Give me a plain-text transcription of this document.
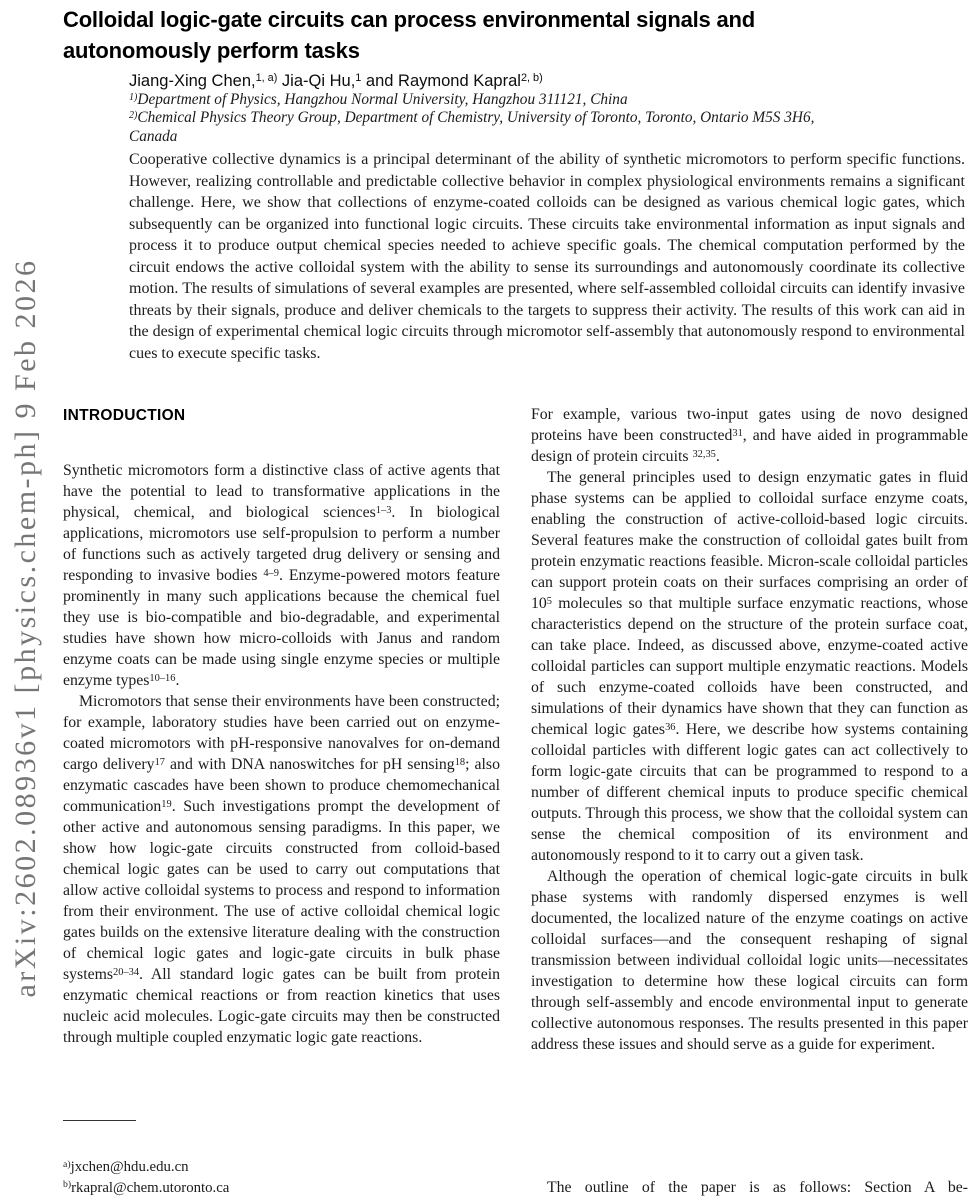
arXiv:2602.08936v1 [physics.chem-ph] 9 Feb 2026
Colloidal logic-gate circuits can process environmental signals and
autonomously perform tasks
Jiang-Xing Chen,$^{1, a)}$ Jia-Qi Hu,$^1$ and Raymond Kapral$^{2, b)}$
$^{1)}$Department of Physics, Hangzhou Normal University, Hangzhou 311121, China
$^{2)}$Chemical Physics Theory Group, Department of Chemistry, University of Toronto, Toronto, Ontario M5S 3H6,
Canada
Cooperative collective dynamics is a principal determinant of the ability of synthetic micromotors to perform specific functions. However, realizing controllable and predictable collective behavior in complex physiological environments remains a significant challenge. Here, we show that collections of enzyme-coated colloids can be designed as various chemical logic gates, which subsequently can be organized into functional logic circuits. These circuits take environmental information as input signals and process it to produce output chemical species needed to achieve specific goals. The chemical computation performed by the circuit endows the active colloidal system with the ability to sense its surroundings and autonomously coordinate its collective motion. The results of simulations of several examples are presented, where self-assembled colloidal circuits can identify invasive threats by their signals, produce and deliver chemicals to the targets to suppress their activity. The results of this work can aid in the design of experimental chemical logic circuits through micromotor self-assembly that autonomously respond to environmental cues to execute specific tasks.
INTRODUCTION

Synthetic micromotors form a distinctive class of active agents that have the potential to lead to transformative applications in the physical, chemical, and biological sciences$^{1-3}$. In biological applications, micromotors use self-propulsion to perform a number of functions such as actively targeted drug delivery or sensing and responding to invasive bodies $^{4-9}$. Enzyme-powered motors feature prominently in many such applications because the chemical fuel they use is bio-compatible and bio-degradable, and experimental studies have shown how micro-colloids with Janus and random enzyme coats can be made using single enzyme species or multiple enzyme types$^{10-16}$.

Micromotors that sense their environments have been constructed; for example, laboratory studies have been carried out on enzyme-coated micromotors with pH-responsive nanovalves for on-demand cargo delivery$^{17}$ and with DNA nanoswitches for pH sensing$^{18}$; also enzymatic cascades have been shown to produce chemomechanical communication$^{19}$. Such investigations prompt the development of other active and autonomous sensing paradigms. In this paper, we show how logic-gate circuits constructed from colloid-based chemical logic gates can be used to carry out computations that allow active colloidal systems to process and respond to information from their environment. The use of active colloidal chemical logic gates builds on the extensive literature dealing with the construction of chemical logic gates and logic-gate circuits in bulk phase systems$^{20-34}$. All standard logic gates can be built from protein enzymatic chemical reactions or from reaction kinetics that uses nucleic acid molecules. Logic-gate circuits may then be constructed through multiple coupled enzymatic logic gate reactions.

For example, various two-input gates using de novo designed proteins have been constructed$^{31}$, and have aided in programmable design of protein circuits $^{32,35}$.

The general principles used to design enzymatic gates in fluid phase systems can be applied to colloidal surface enzyme coats, enabling the construction of active-colloid-based logic circuits. Several features make the construction of colloidal gates built from protein enzymatic reactions feasible. Micron-scale colloidal particles can support protein coats on their surfaces comprising an order of $10^5$ molecules so that multiple surface enzymatic reactions, whose characteristics depend on the structure of the protein surface coat, can take place. Indeed, as discussed above, enzyme-coated active colloidal particles can support multiple enzymatic reactions. Models of such enzyme-coated colloids have been constructed, and simulations of their dynamics have shown that they can function as chemical logic gates$^{36}$. Here, we describe how systems containing colloidal particles with different logic gates can act collectively to form logic-gate circuits that can be programmed to respond to a number of different chemical inputs to produce specific chemical outputs. Through this process, we show that the colloidal system can sense the chemical composition of its environment and autonomously respond to it to carry out a given task.

Although the operation of chemical logic-gate circuits in bulk phase systems with randomly dispersed enzymes is well documented, the localized nature of the enzyme coatings on active colloidal surfaces—and the consequent reshaping of signal transmission between individual colloidal logic units—necessitates investigation to determine how these logical circuits can form through self-assembly and encode environmental input to generate collective autonomous responses. The results presented in this paper address these issues and should serve as a guide for experiment.

The outline of the paper is as follows: Section A be-
$^{a)}$jxchen@hdu.edu.cn
$^{b)}$rkapral@chem.utoronto.ca
